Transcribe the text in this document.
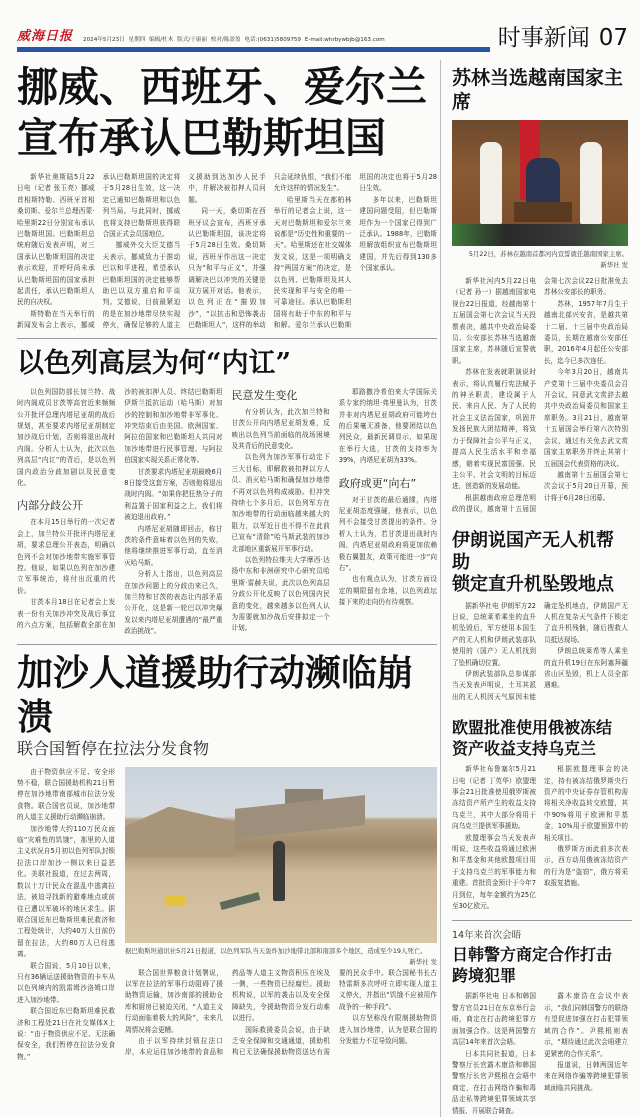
威海日报 2024年5月23日 星期四 编辑/杜木 版式/于康丽 校对/陈盈盈 电话:(0631)5809759 E-mail:whrbywbjb@163.com	时事新闻 07
挪威、西班牙、爱尔兰
宣布承认巴勒斯坦国

新华社奥斯陆5月22日电（记者 张玉亮）挪威首相斯特勒、西班牙首相桑切斯、爱尔兰总理西蒙·哈里斯22日分别宣布承认巴勒斯坦国。巴勒斯坦总统府随后发表声明，对三国承认巴勒斯坦国的决定表示欢迎，并呼吁尚未承认巴勒斯坦国的国家承担起责任，承认巴勒斯坦人民的自决权。

斯特勒在当天举行的新闻发布会上表示，挪威承认巴勒斯坦国的决定将于5月28日生效，这一决定已通知巴勒斯坦和以色列当局。与此同时，挪威也将支持巴勒斯坦获得联合国正式会员国地位。

挪威外交大臣艾德当天表示，挪威致力于推动巴以和平进程，希望承认巴勒斯坦国的决定能够帮助巴以双方重启和平谈判。艾德说，目前最紧迫的是在加沙地带尽快实现停火，确保足够的人道主义援助到达加沙人民手中，并解决被扣押人员问题。

同一天，桑切斯在西班牙议会宣布，西班牙承认巴勒斯坦国，该决定将于5月28日生效。桑切斯说，西班牙作出这一决定只为“和平与正义”，并强调解决巴以冲突的关键是双方展开对话。他表示，以色列正在“摧毁加沙”，“以抗击和恐怖袭击巴勒斯坦人”，这样的举动只会延续仇恨，“我们不能允许这样的情况发生”。

哈里斯当天在都柏林举行的记者会上说，这一天对巴勒斯坦和爱尔兰来说都是“历史性和重要的一天”。哈里斯还在社交媒体发文说，这是一项明确支持“两国方案”的决定，是以色列、巴勒斯坦及其人民实现和平与安全的唯一可靠途径。承认巴勒斯坦国将有助于中东的和平与和解。爱尔兰承认巴勒斯坦国的决定也将于5月28日生效。

多年以来，巴勒斯坦建国问题受阻，但巴勒斯坦作为一个国家已得到广泛承认。1988年，巴勒斯坦解放组织宣布巴勒斯坦建国，并先后得到130多个国家承认。

以色列高层为何“内讧”

以色列国防部长加兰特、战时内阁成员甘茨等高官近来频频公开批评总理内塔尼亚胡的战后规划，甚至要求内塔尼亚胡制定加沙战后计划，否则将退出战时内阁。分析人士认为，此次以色列高层“内讧”的背后，是以色列国内政治分歧加剧以及民意变化。

内部分歧公开

在本月15日举行的一次记者会上，加兰特公开批评内塔尼亚胡，要求总理公开表态，明确以色列不会对加沙地带实施军事管控。他说，如果以色列在加沙建立军事统治，将付出沉重的代价。

甘茨本月18日在记者会上发表一份有关加沙冲突及战后事宜的六点方案，包括解救全部在加沙的被扣押人员、终结巴勒斯坦伊斯兰抵抗运动（哈马斯）对加沙的控制和加沙地带非军事化、冲突结束后由美国、欧洲国家、阿拉伯国家和巴勒斯坦人共同对加沙地带进行民事管理、与阿拉伯国家实现关系正常化等。

甘茨要求内塔尼亚胡最晚6月8日接受这套方案，否则他将退出战时内阁。“如果你把狂热分子的利益置于国家利益之上，我们将被迫退出政府。”

内塔尼亚胡随即回击，称甘茨的条件意味着以色列的失败，他将继续推进军事行动，直至消灭哈马斯。

分析人士指出，以色列高层在加沙问题上的分歧由来已久，加兰特和甘茨的表态让内部矛盾公开化，这是新一轮巴以冲突爆发以来内塔尼亚胡遭遇的“最严重政治挑战”。

民意发生变化

有分析认为，此次加兰特和甘茨公开向内塔尼亚胡发难，反映出以色列当前面临的战场困境及其背后的民意变化。

以色列为加沙军事行动定下三大目标，即解救被扣押以方人员、消灭哈马斯和确保加沙地带不再对以色列构成威胁。但冲突持续七个多月后，以色列军方在加沙地带的行动面临越来越大的阻力，以军近日也不得不在此前已宣布“清除”哈马斯武装的加沙北部地区重新展开军事行动。

以色列特拉维夫大学摩西·达扬中东和非洲研究中心研究员哈里斯·雷赫夫说，此次以色列高层分歧公开化反映了以色列国内民意的变化，越来越多以色列人认为需要就加沙战后安排拟定一个计划。

耶路撒冷希伯来大学国际关系专家约纳坦·弗里曼认为，甘茨并非对内塔尼亚胡政府可能垮台的后果毫无准备，他要团结以色列民众，最新民调显示，如果现在举行大选，甘茨的支持率为39%，内塔尼亚胡为33%。

政府或更“向右”

对于甘茨的最后通牒，内塔尼亚胡态度强硬，他表示，以色列不会接受甘茨提出的条件。分析人士认为，若甘茨退出战时内阁，内塔尼亚胡政府将更加依赖极右翼盟友，政策可能进一步“向右”。

也有观点认为，甘茨方面设定的期限留有余地，以色列政坛接下来的走向仍有待观察。

加沙人道援助行动濒临崩溃
联合国暂停在拉法分发食物

由于物资供应不足、安全形势不稳，联合国援助机构21日暂停在加沙地带南部城市拉法分发食物。联合国官员说，加沙地带的人道主义援助行动濒临崩溃。

加沙地带大约110万民众面临“灾难性的饥饿”，那里的人道主义状况自5月初以色列军队封锁拉法口岸加沙一侧以来日益恶化。美联社报道，在过去两周，数以十万计民众在混乱中逃离拉法，被迫寻找新的避难地点或前往已遭以军破坏的地区求生。据联合国近东巴勒斯坦难民救济和工程处统计，大约40万人目前仍留在拉法，大约80万人已经逃离。

联合国说，5月10日以来，只有36辆运送援助物资的卡车从以色列境内的凯雷姆沙洛姆口岸进入加沙地带。

联合国近东巴勒斯坦难民救济和工程处21日在社交媒体X上说：“由于物资供应不足、无法确保安全，我们暂停在拉法分发食物。”

据巴勒斯坦通讯社5月21日报道，以色列军队当天轰炸加沙地带北部和南部多个地区，造成至少19人死亡。
新华社 发

联合国世界粮食计划署说，以军在拉法的军事行动阻碍了援助物资运输，加沙南部的援助仓库和厨房已被迫关闭，“人道主义行动面临着极大的风险”，未来几周情况将会更糟。

由于以军持续封锁拉法口岸，本应运往加沙地带的食品和药品等人道主义物资积压在埃及一侧，一些物资已经腐烂。援助机构说，以军的袭击以及安全保障缺失，令援助物资分发行动难以进行。

国际救援委员会说，由于缺乏安全保障和交通通道，援助机构已无法确保援助物资送达有需要的民众手中。联合国秘书长古特雷斯多次呼吁立即实现人道主义停火，并指出“饥饿不应被用作战争的一种手段”。

以方坚称没有限制援助物资进入加沙地带，认为是联合国的分发能力不足导致问题。

苏林当选越南国家主席
5月22日，苏林在越南首都河内宣誓就任越南国家主席。
新华社 发

新华社河内5月22日电（记者 孙一）据越南国家电视台22日报道，经越南第十五届国会第七次会议当天投票表决，越共中央政治局委员、公安部长苏林当选越南国家主席，苏林随后宣誓就职。

苏林在发表就职演说时表示，将认真履行宪法赋予的神圣职责，建设属于人民、来自人民、为了人民的社会主义法治国家，巩固并发扬民族大团结精神，将致力于保障社会公平与正义，提高人民生活水平和幸福感，朝着实现民富国强、民主公平、社会文明的目标迈进，创造新的发展动能。

根据越南政府总理范明政的提议，越南第十五届国会第七次会议22日批准免去苏林公安部长的职务。

苏林，1957年7月生于越南北部兴安省，是越共第十二届、十三届中央政治局委员，长期在越南公安部任职，2016年4月起任公安部长，迄今已多次连任。

今年3月20日，越南共产党第十三届中央委员会召开会议，同意武文赏辞去越共中央政治局委员和国家主席职务。3月21日，越南第十五届国会举行第六次特别会议，通过有关免去武文赏国家主席职务并终止其第十五届国会代表资格的决议。

越南第十五届国会第七次会议于5月20日开幕，预计将于6月28日闭幕。

伊朗说国产无人机帮助
锁定直升机坠毁地点

据新华社电 伊朗军方22日说，总统莱希乘坐的直升机坠毁后，军方使用本国生产的无人机和伊朗武装部队使用的（国产）无人机找到了坠机确切位置。

伊朗武装部队总参谋部当天发表声明说，土耳其派出的无人机因天气原因未能确定坠机地点，伊朗国产无人机在复杂天气条件下锁定了直升机残骸，随后搜救人员抵达现场。

伊朗总统莱希等人乘坐的直升机19日在东阿塞拜疆省山区坠毁，机上人员全部遇难。

欧盟批准使用俄被冻结
资产收益支持乌克兰

新华社布鲁塞尔5月21日电（记者 丁英华）欧盟理事会21日批准使用俄罗斯被冻结资产所产生的收益支持乌克兰，其中大部分将用于向乌克兰提供军事援助。

欧盟理事会当天发表声明说，这些收益将通过欧洲和平基金和其他欧盟项目用于支持乌克兰的军事能力和重建。首批资金预计于今年7月到位，每年金额约为25亿至30亿欧元。

根据欧盟理事会的决定，持有被冻结俄罗斯央行资产的中央证券存管机构需将相关净收益转交欧盟，其中90%将用于欧洲和平基金，10%用于欧盟预算中的相关项目。

俄罗斯方面此前多次表示，西方动用俄被冻结资产的行为是“盗窃”，俄方将采取报复措施。

14年来首次会晤
日韩警方商定合作打击
跨境犯罪

据新华社电 日本和韩国警方官员21日在东京举行会晤，商定在打击跨境犯罪方面加强合作。这是两国警方高层14年来首次会晤。

日本共同社报道，日本警察厅长官露木康浩和韩国警察厅长官尹熙根在会晤中商定，在打击网络诈骗和毒品走私等跨境犯罪领域共享情报、开展联合调查。

露木康浩在会议中表示，“我们同韩国警方的联络有望促进加强在打击犯罪领域的合作”。尹熙根则表示，“期待通过此次会晤建立更紧密的合作关系”。

报道说，日韩两国近年来在网络诈骗等跨境犯罪领域面临共同挑战。
